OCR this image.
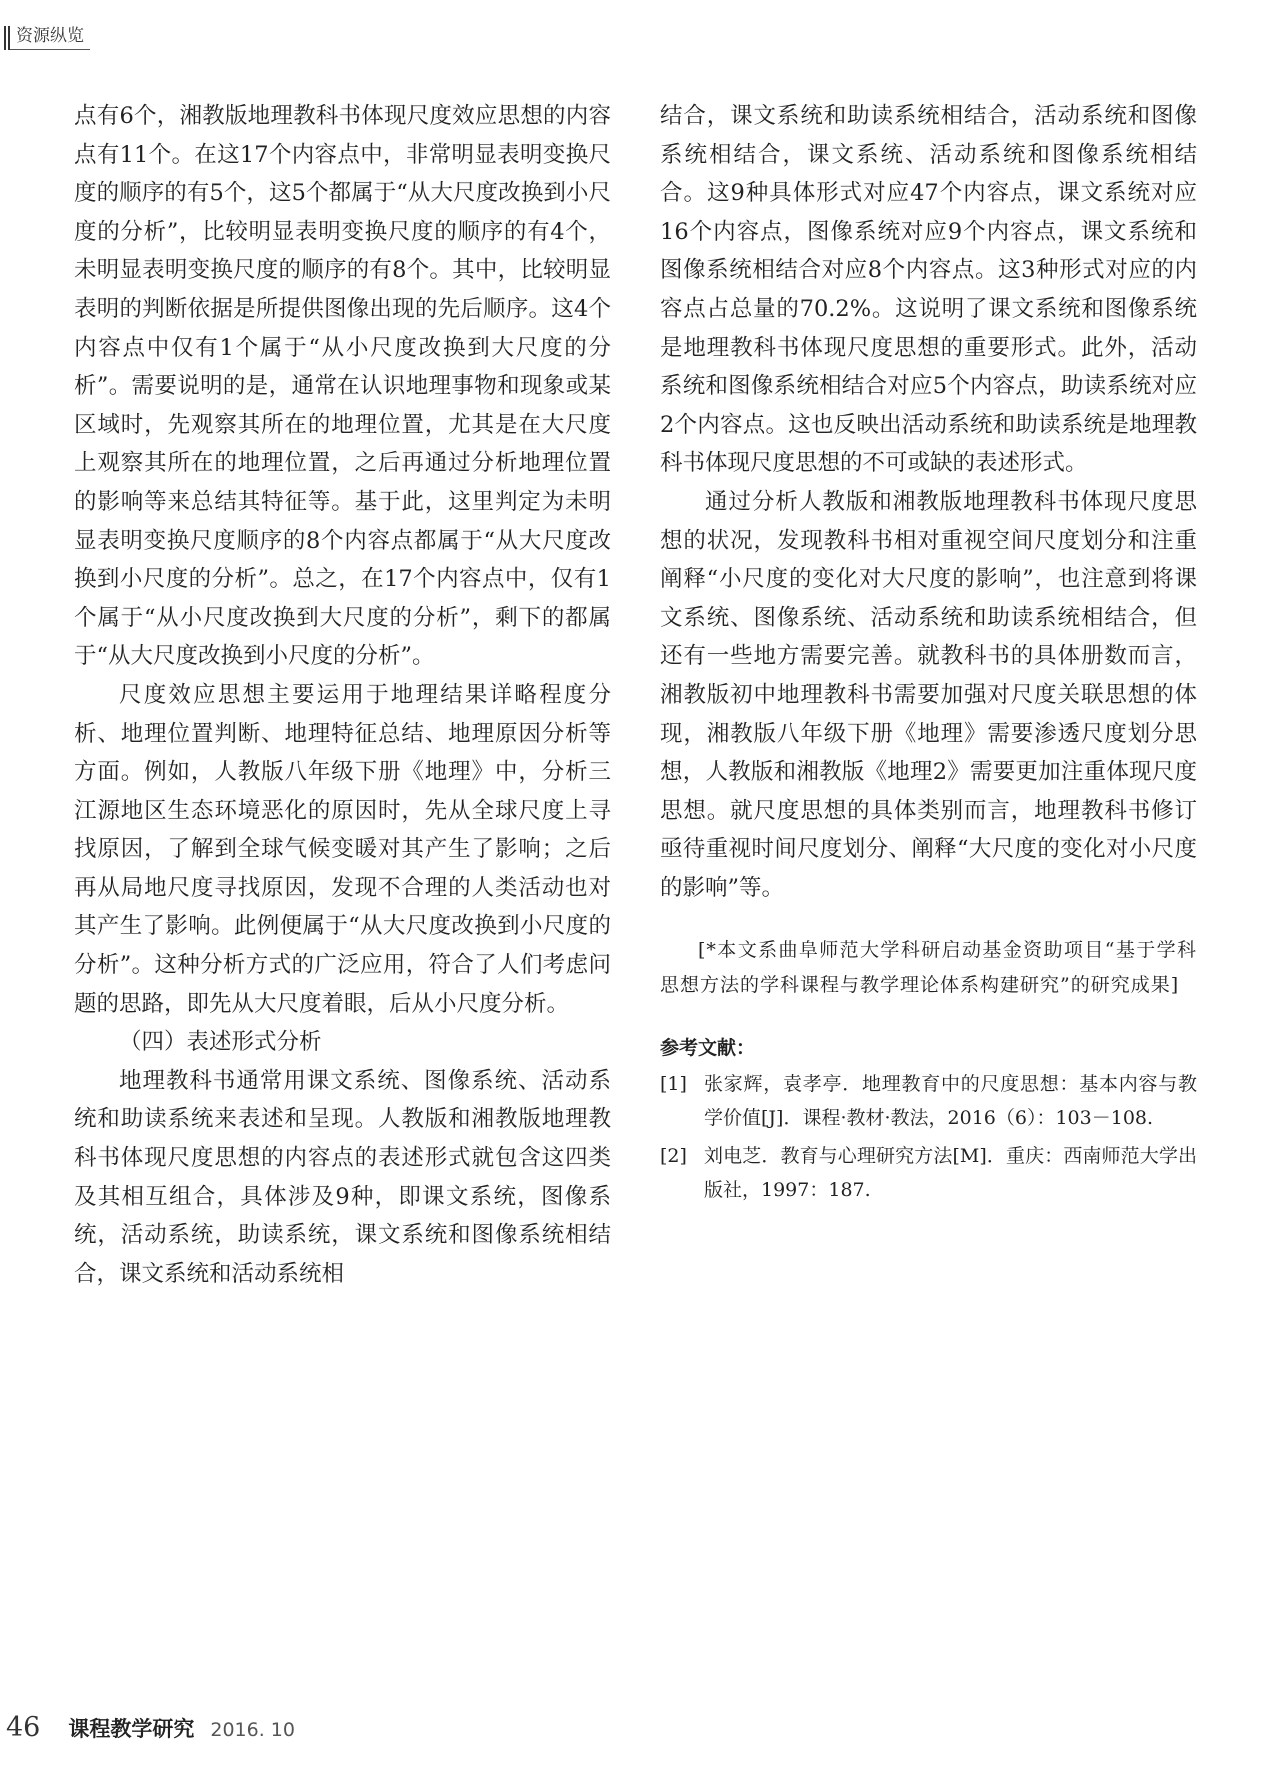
资源纵览

点有6个，湘教版地理教科书体现尺度效应思想的内容点有11个。在这17个内容点中，非常明显表明变换尺度的顺序的有5个，这5个都属于“从大尺度改换到小尺度的分析”，比较明显表明变换尺度的顺序的有4个，未明显表明变换尺度的顺序的有8个。其中，比较明显表明的判断依据是所提供图像出现的先后顺序。这4个内容点中仅有1个属于“从小尺度改换到大尺度的分析”。需要说明的是，通常在认识地理事物和现象或某区域时，先观察其所在的地理位置，尤其是在大尺度上观察其所在的地理位置，之后再通过分析地理位置的影响等来总结其特征等。基于此，这里判定为未明显表明变换尺度顺序的8个内容点都属于“从大尺度改换到小尺度的分析”。总之，在17个内容点中，仅有1个属于“从小尺度改换到大尺度的分析”，剩下的都属于“从大尺度改换到小尺度的分析”。

尺度效应思想主要运用于地理结果详略程度分析、地理位置判断、地理特征总结、地理原因分析等方面。例如，人教版八年级下册《地理》中，分析三江源地区生态环境恶化的原因时，先从全球尺度上寻找原因，了解到全球气候变暖对其产生了影响；之后再从局地尺度寻找原因，发现不合理的人类活动也对其产生了影响。此例便属于“从大尺度改换到小尺度的分析”。这种分析方式的广泛应用，符合了人们考虑问题的思路，即先从大尺度着眼，后从小尺度分析。

（四）表述形式分析

地理教科书通常用课文系统、图像系统、活动系统和助读系统来表述和呈现。人教版和湘教版地理教科书体现尺度思想的内容点的表述形式就包含这四类及其相互组合，具体涉及9种，即课文系统，图像系统，活动系统，助读系统，课文系统和图像系统相结合，课文系统和活动系统相

结合，课文系统和助读系统相结合，活动系统和图像系统相结合，课文系统、活动系统和图像系统相结合。这9种具体形式对应47个内容点，课文系统对应16个内容点，图像系统对应9个内容点，课文系统和图像系统相结合对应8个内容点。这3种形式对应的内容点占总量的70.2%。这说明了课文系统和图像系统是地理教科书体现尺度思想的重要形式。此外，活动系统和图像系统相结合对应5个内容点，助读系统对应2个内容点。这也反映出活动系统和助读系统是地理教科书体现尺度思想的不可或缺的表述形式。

通过分析人教版和湘教版地理教科书体现尺度思想的状况，发现教科书相对重视空间尺度划分和注重阐释“小尺度的变化对大尺度的影响”，也注意到将课文系统、图像系统、活动系统和助读系统相结合，但还有一些地方需要完善。就教科书的具体册数而言，湘教版初中地理教科书需要加强对尺度关联思想的体现，湘教版八年级下册《地理》需要渗透尺度划分思想，人教版和湘教版《地理2》需要更加注重体现尺度思想。就尺度思想的具体类别而言，地理教科书修订亟待重视时间尺度划分、阐释“大尺度的变化对小尺度的影响”等。

[*本文系曲阜师范大学科研启动基金资助项目“基于学科思想方法的学科课程与教学理论体系构建研究”的研究成果]
参考文献：
[1] 张家辉，袁孝亭．地理教育中的尺度思想：基本内容与教学价值[J]．课程·教材·教法，2016（6）：103－108.
[2] 刘电芝．教育与心理研究方法[M]．重庆：西南师范大学出版社，1997：187.
46 课程教学研究 2016. 10
